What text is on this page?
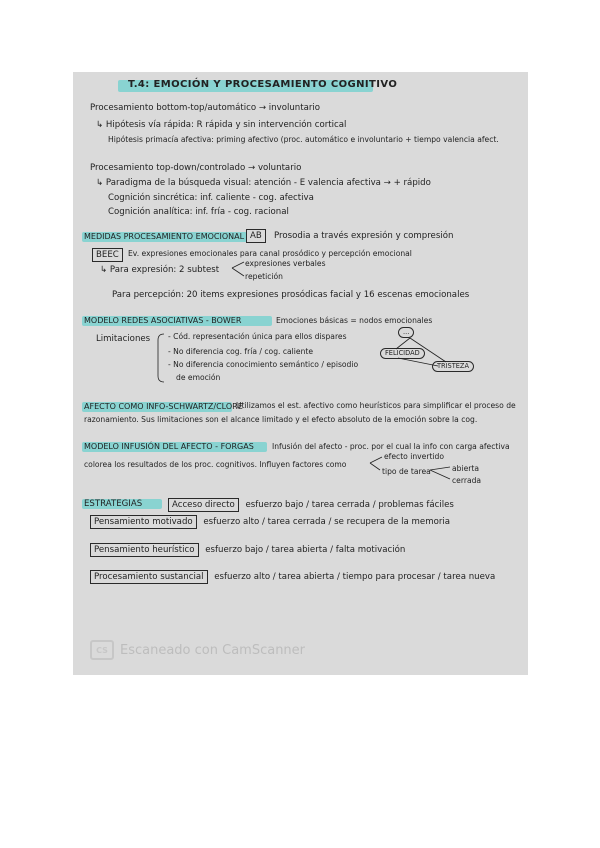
T.4: EMOCIÓN Y PROCESAMIENTO COGNITIVO
Procesamiento bottom-top/automático → involuntario
↳ Hipótesis vía rápida: R rápida y sin intervención cortical
Hipótesis primacía afectiva: priming afectivo (proc. automático e involuntario + tiempo valencia afect.
Procesamiento top-down/controlado → voluntario
↳ Paradigma de la búsqueda visual: atención - E valencia afectiva → + rápido
Cognición sincrética: inf. caliente - cog. afectiva
Cognición analítica: inf. fría - cog. racional
MEDIDAS PROCESAMIENTO EMOCIONAL AB	Prosodia a través expresión y compresión
BEEC	Ev. expresiones emocionales para canal prosódico y percepción emocional
↳ Para expresión: 2 subtest
expresiones verbales
repetición
Para percepción: 20 items expresiones prosódicas facial y 16 escenas emocionales
MODELO REDES ASOCIATIVAS - BOWER	Emociones básicas = nodos emocionales
Limitaciones - Cód. representación única para ellos dispares
- No diferencia cog. fría / cog. caliente
- No diferencia conocimiento semántico / episodio
de emoción
...
FELICIDAD
TRISTEZA
AFECTO COMO INFO-SCHWARTZ/CLORE
Utilizamos el est. afectivo como heurísticos para simplificar el proceso de
razonamiento. Sus limitaciones son el alcance limitado y el efecto absoluto de la emoción sobre la cog.
MODELO INFUSIÓN DEL AFECTO - FORGAS Infusión del afecto - proc. por el cual la info con carga afectiva
colorea los resultados de los proc. cognitivos. Influyen factores como
efecto invertido
tipo de tarea	abierta
cerrada
ESTRATEGIAS	Acceso directo esfuerzo bajo / tarea cerrada / problemas fáciles
Pensamiento motivado esfuerzo alto / tarea cerrada / se recupera de la memoria
Pensamiento heurístico esfuerzo bajo / tarea abierta / falta motivación
Procesamiento sustancial esfuerzo alto / tarea abierta / tiempo para procesar / tarea nueva
CS Escaneado con CamScanner
